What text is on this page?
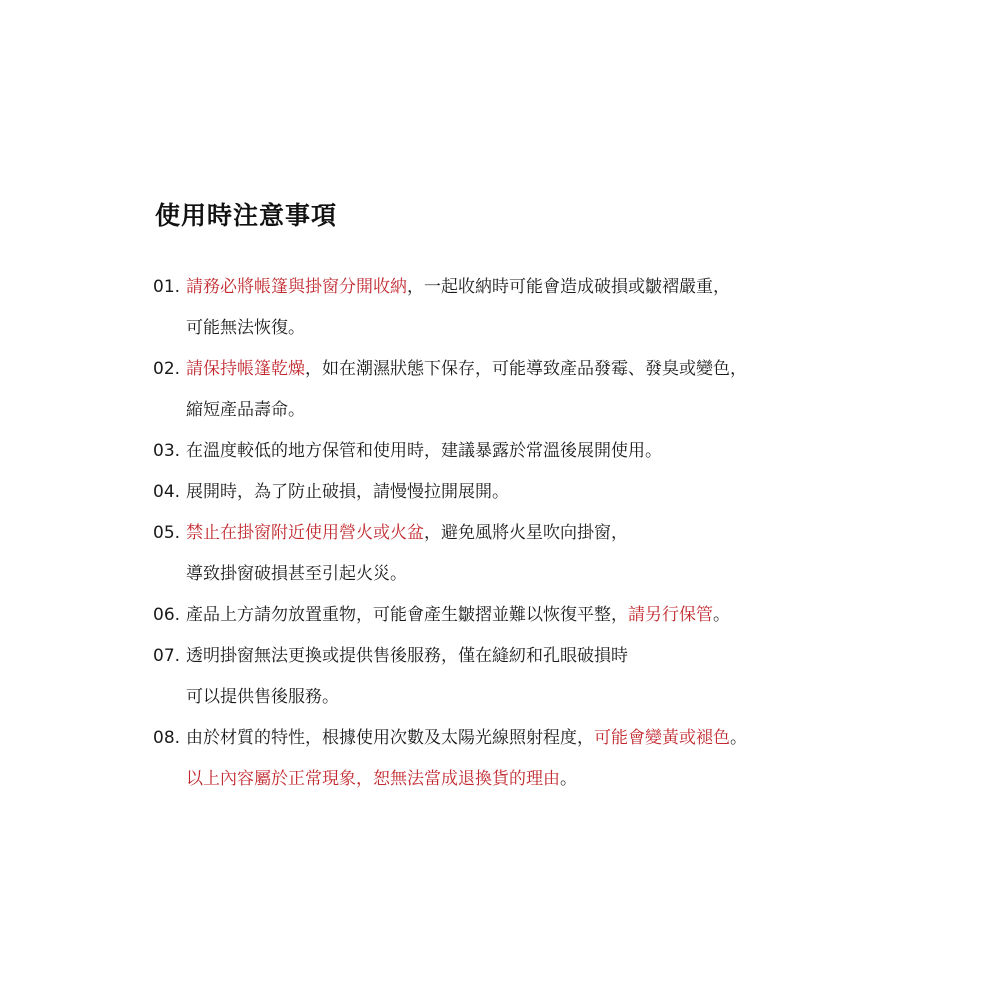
使用時注意事項
01. 請務必將帳篷與掛窗分開收納，一起收納時可能會造成破損或皺褶嚴重，
可能無法恢復。
02. 請保持帳篷乾燥，如在潮濕狀態下保存，可能導致產品發霉、發臭或變色，
縮短產品壽命。
03. 在溫度較低的地方保管和使用時，建議暴露於常溫後展開使用。
04. 展開時，為了防止破損，請慢慢拉開展開。
05. 禁止在掛窗附近使用營火或火盆，避免風將火星吹向掛窗，
導致掛窗破損甚至引起火災。
06. 產品上方請勿放置重物，可能會產生皺摺並難以恢復平整，請另行保管。
07. 透明掛窗無法更換或提供售後服務，僅在縫紉和孔眼破損時
可以提供售後服務。
08. 由於材質的特性，根據使用次數及太陽光線照射程度，可能會變黃或褪色。
以上內容屬於正常現象，恕無法當成退換貨的理由。
